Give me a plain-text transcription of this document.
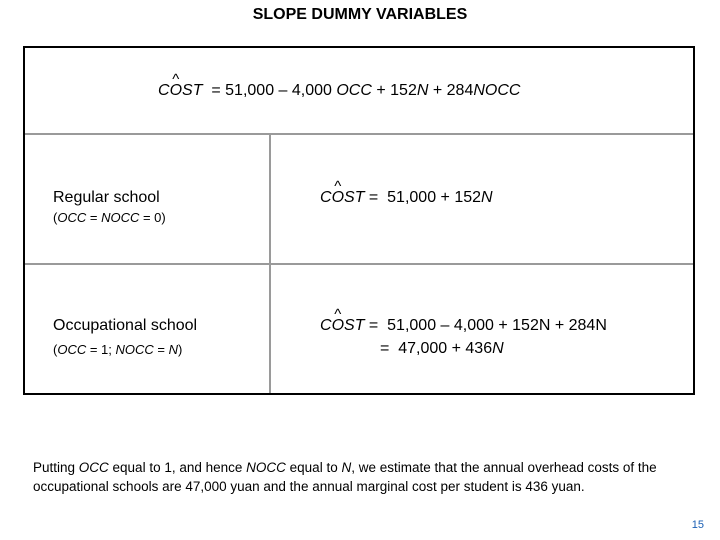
SLOPE DUMMY VARIABLES
C^ OST = 51,000 – 4,000 OCC + 152N + 284NOCC
Regular school
(OCC = NOCC = 0)
C^ OST =  51,000 + 152N
Occupational school
(OCC = 1; NOCC = N)
C^ OST =  51,000 – 4,000 + 152N + 284N
=  47,000 + 436N
Putting OCC equal to 1, and hence NOCC equal to N, we estimate that the annual overhead costs of the occupational schools are 47,000 yuan and the annual marginal cost per student is 436 yuan.
15
